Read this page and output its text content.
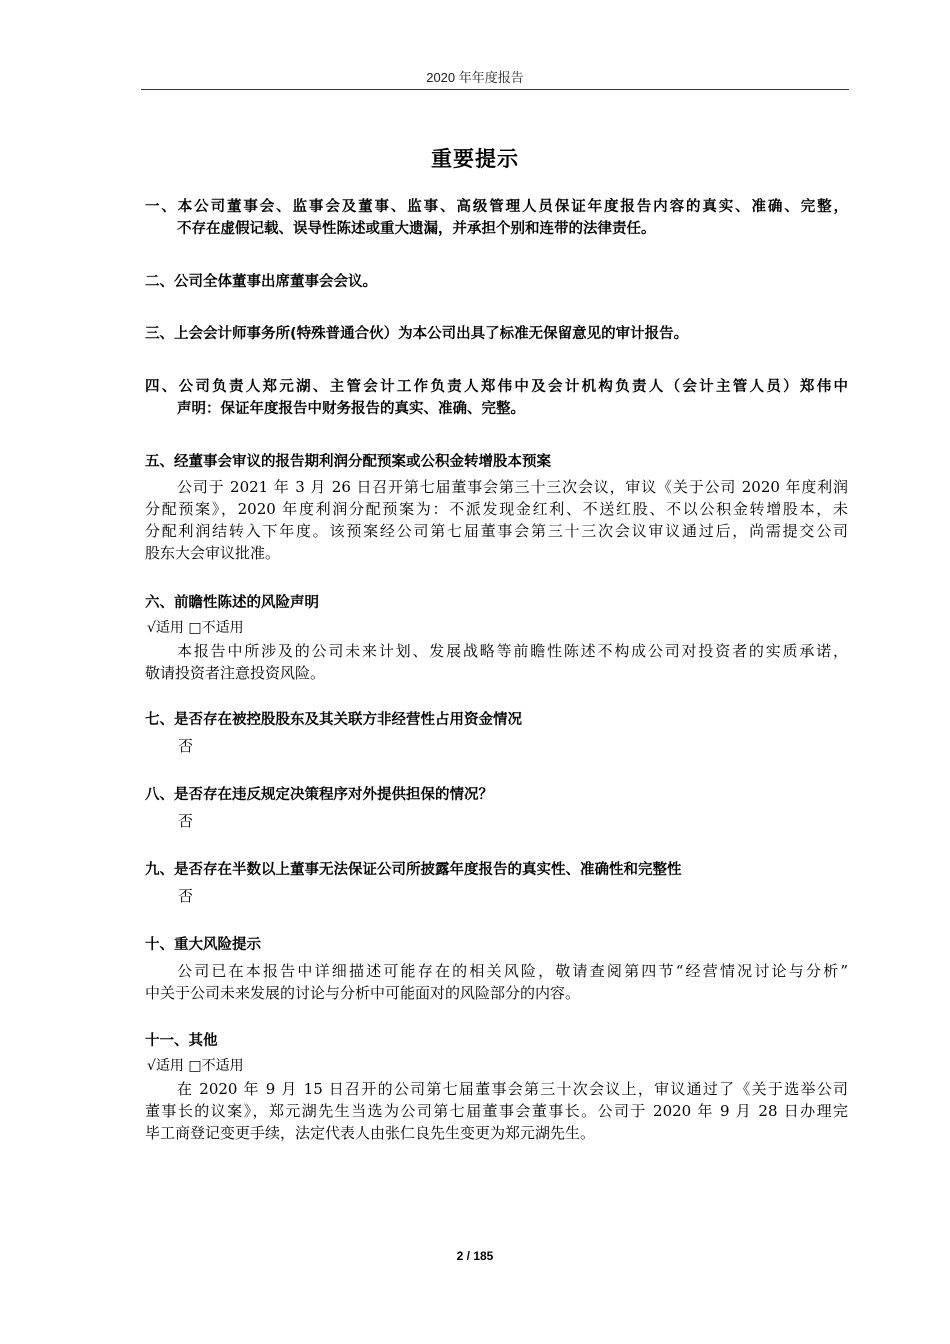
2020 年年度报告
重要提示
一、本公司董事会、监事会及董事、监事、高级管理人员保证年度报告内容的真实、准确、完整，
不存在虚假记载、误导性陈述或重大遗漏，并承担个别和连带的法律责任。
二、公司全体董事出席董事会会议。
三、上会会计师事务所(特殊普通合伙）为本公司出具了标准无保留意见的审计报告。
四、公司负责人郑元湖、主管会计工作负责人郑伟中及会计机构负责人（会计主管人员）郑伟中
声明：保证年度报告中财务报告的真实、准确、完整。
五、经董事会审议的报告期利润分配预案或公积金转增股本预案
公司于 2021 年 3 月 26 日召开第七届董事会第三十三次会议，审议《关于公司 2020 年度利润
分配预案》，2020 年度利润分配预案为：不派发现金红利、不送红股、不以公积金转增股本，未
分配利润结转入下年度。该预案经公司第七届董事会第三十三次会议审议通过后，尚需提交公司
股东大会审议批准。
六、前瞻性陈述的风险声明
√适用 □不适用
本报告中所涉及的公司未来计划、发展战略等前瞻性陈述不构成公司对投资者的实质承诺，
敬请投资者注意投资风险。
七、是否存在被控股股东及其关联方非经营性占用资金情况
否
八、是否存在违反规定决策程序对外提供担保的情况？
否
九、是否存在半数以上董事无法保证公司所披露年度报告的真实性、准确性和完整性
否
十、重大风险提示
公司已在本报告中详细描述可能存在的相关风险，敬请查阅第四节“经营情况讨论与分析”
中关于公司未来发展的讨论与分析中可能面对的风险部分的内容。
十一、其他
√适用 □不适用
在 2020 年 9 月 15 日召开的公司第七届董事会第三十次会议上，审议通过了《关于选举公司
董事长的议案》，郑元湖先生当选为公司第七届董事会董事长。公司于 2020 年 9 月 28 日办理完
毕工商登记变更手续，法定代表人由张仁良先生变更为郑元湖先生。
2 / 185
